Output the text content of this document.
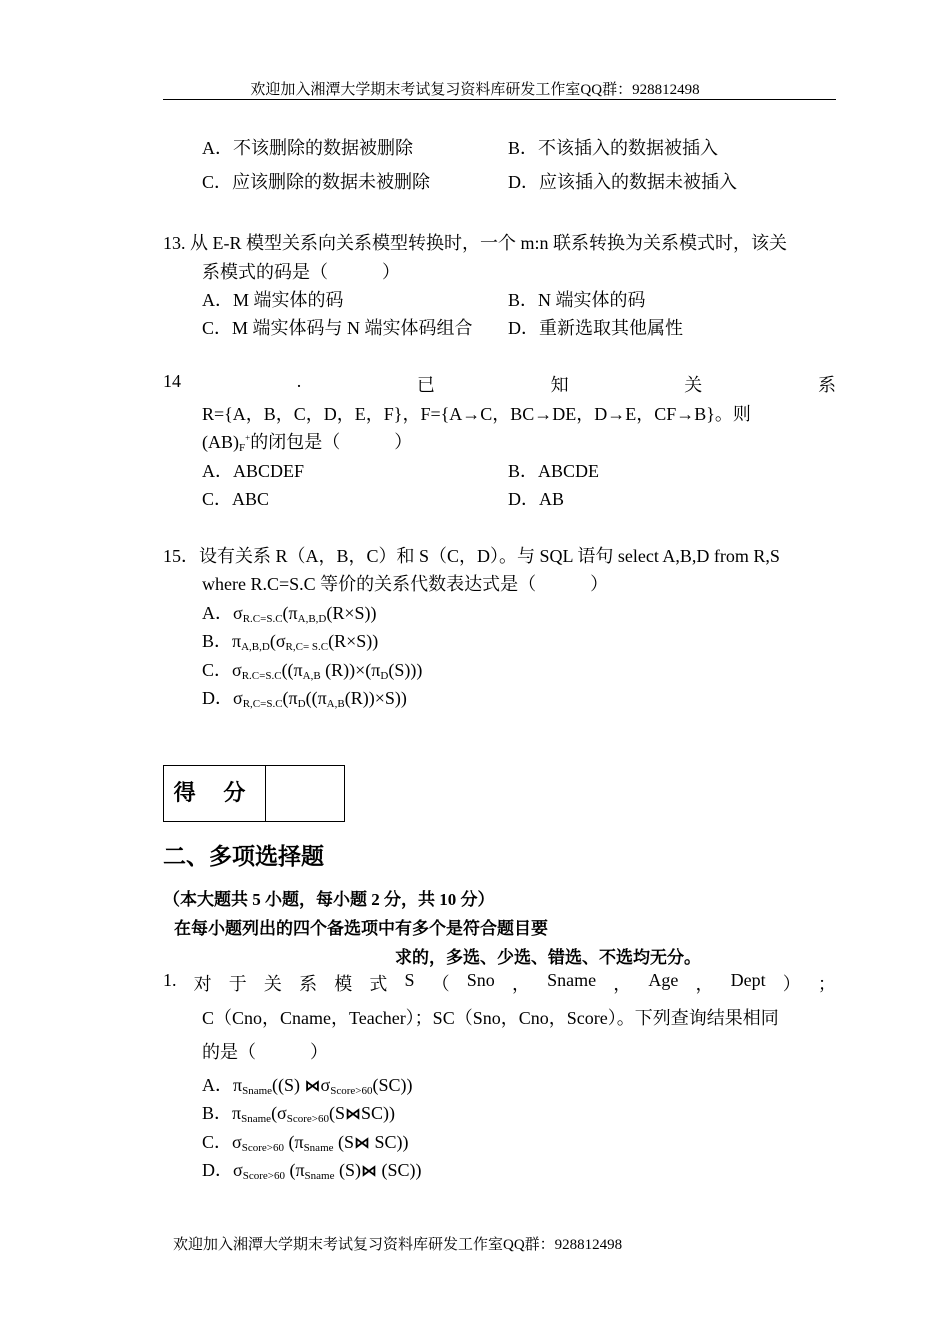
欢迎加入湘潭大学期末考试复习资料库研发工作室QQ群：928812498
A．不该删除的数据被删除	B．不该插入的数据被插入
C．应该删除的数据未被删除	D．应该插入的数据未被插入
13. 从 E-R 模型关系向关系模型转换时，一个 m:n 联系转换为关系模式时，该关
系模式的码是（　　　）
A．M 端实体的码	B．N 端实体的码
C．M 端实体码与 N 端实体码组合 D．重新选取其他属性
14	.	已	知	关	系
R={A，B，C，D，E，F}，F={A→C，BC→DE，D→E，CF→B}。则
$(AB)_F^+$的闭包是（　　　）
A．ABCDEF	B．ABCDE
C．ABC	D．AB
15．设有关系 R（A，B，C）和 S（C，D）。与 SQL 语句 select A,B,D from R,S
where R.C=S.C 等价的关系代数表达式是（　　　）
A．$\sigma_{R.C=S.C}(\pi_{A,B,D}(R\times S))$
B．$\pi_{A,B,D}(\sigma_{R,C= S.C}(R\times S))$
C．$\sigma_{R.C=S.C}((\pi_{A,B}$ $(R))\times(\pi_D(S))$)
D．$\sigma_{R,C=S.C}(\pi_D((\pi_{A,B}(R))\times S))$
得 分
二、多项选择题
（本大题共 5 小题，每小题 2 分，共 10 分）
在每小题列出的四个备选项中有多个是符合题目要
求的，多选、少选、错选、不选均无分。
1. 对 于 关 系 模 式 S （ Sno ， Sname ， Age ， Dept ） ；
C（Cno，Cname，Teacher）；SC（Sno，Cno，Score）。下列查询结果相同
的是（　　　）
A．$\pi_{Sname}((S)$ $⋈\sigma_{Score>60}(SC)$)
B．$\pi_{Sname}(\sigma_{Score>60}(S⋈SC))$
C．$\sigma_{Score>60}$ ($\pi_{Sname}$ (S⋈ SC))
D．$\sigma_{Score>60}$ ($\pi_{Sname}$ (S)⋈ (SC))
欢迎加入湘潭大学期末考试复习资料库研发工作室QQ群：928812498
